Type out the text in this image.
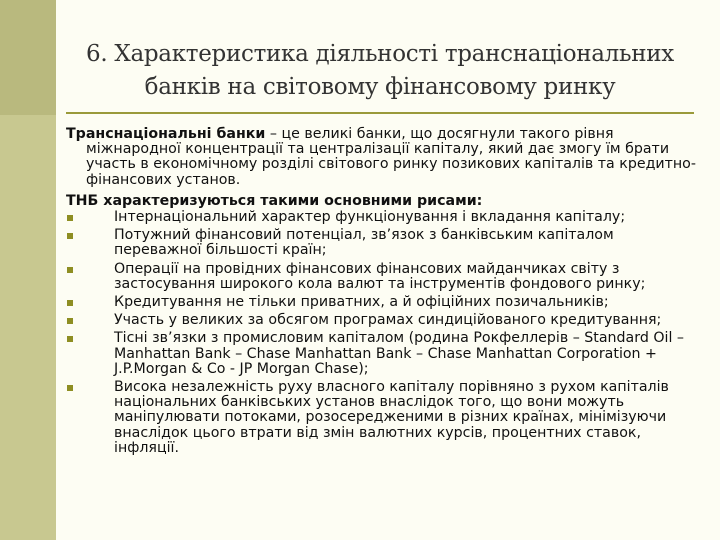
6. Характеристика діяльності транснаціональних
банків на світовому фінансовому ринку

Транснаціональні банки – це великі банки, що досягнули такого рівня міжнародної концентрації та централізації капіталу, який дає змогу їм брати участь в економічному розділі світового ринку позикових капіталів та кредитно-фінансових установ.

ТНБ характеризуються такими основними рисами:

Інтернаціональний характер функціонування і вкладання капіталу;
Потужний фінансовий потенціал, зв’язок з банківським капіталом переважної більшості країн;
Операції на провідних фінансових фінансових майданчиках світу з застосування широкого кола валют та інструментів фондового ринку;
Кредитування не тільки приватних, а й офіційних позичальників;
Участь у великих за обсягом програмах синдиційованого кредитування;
Тісні зв’язки з промисловим капіталом (родина Рокфеллерів – Standard Oil – Manhattan Bank – Chase Manhattan Bank – Chase Manhattan Corporation + J.P.Morgan & Co - JP Morgan Chase);
Висока незалежність руху власного капіталу порівняно з рухом капіталів національних банківських установ внаслідок того, що вони можуть маніпулювати потоками, розосередженими в різних країнах, мінімізуючи внаслідок цього втрати від змін валютних курсів, процентних ставок, інфляції.
